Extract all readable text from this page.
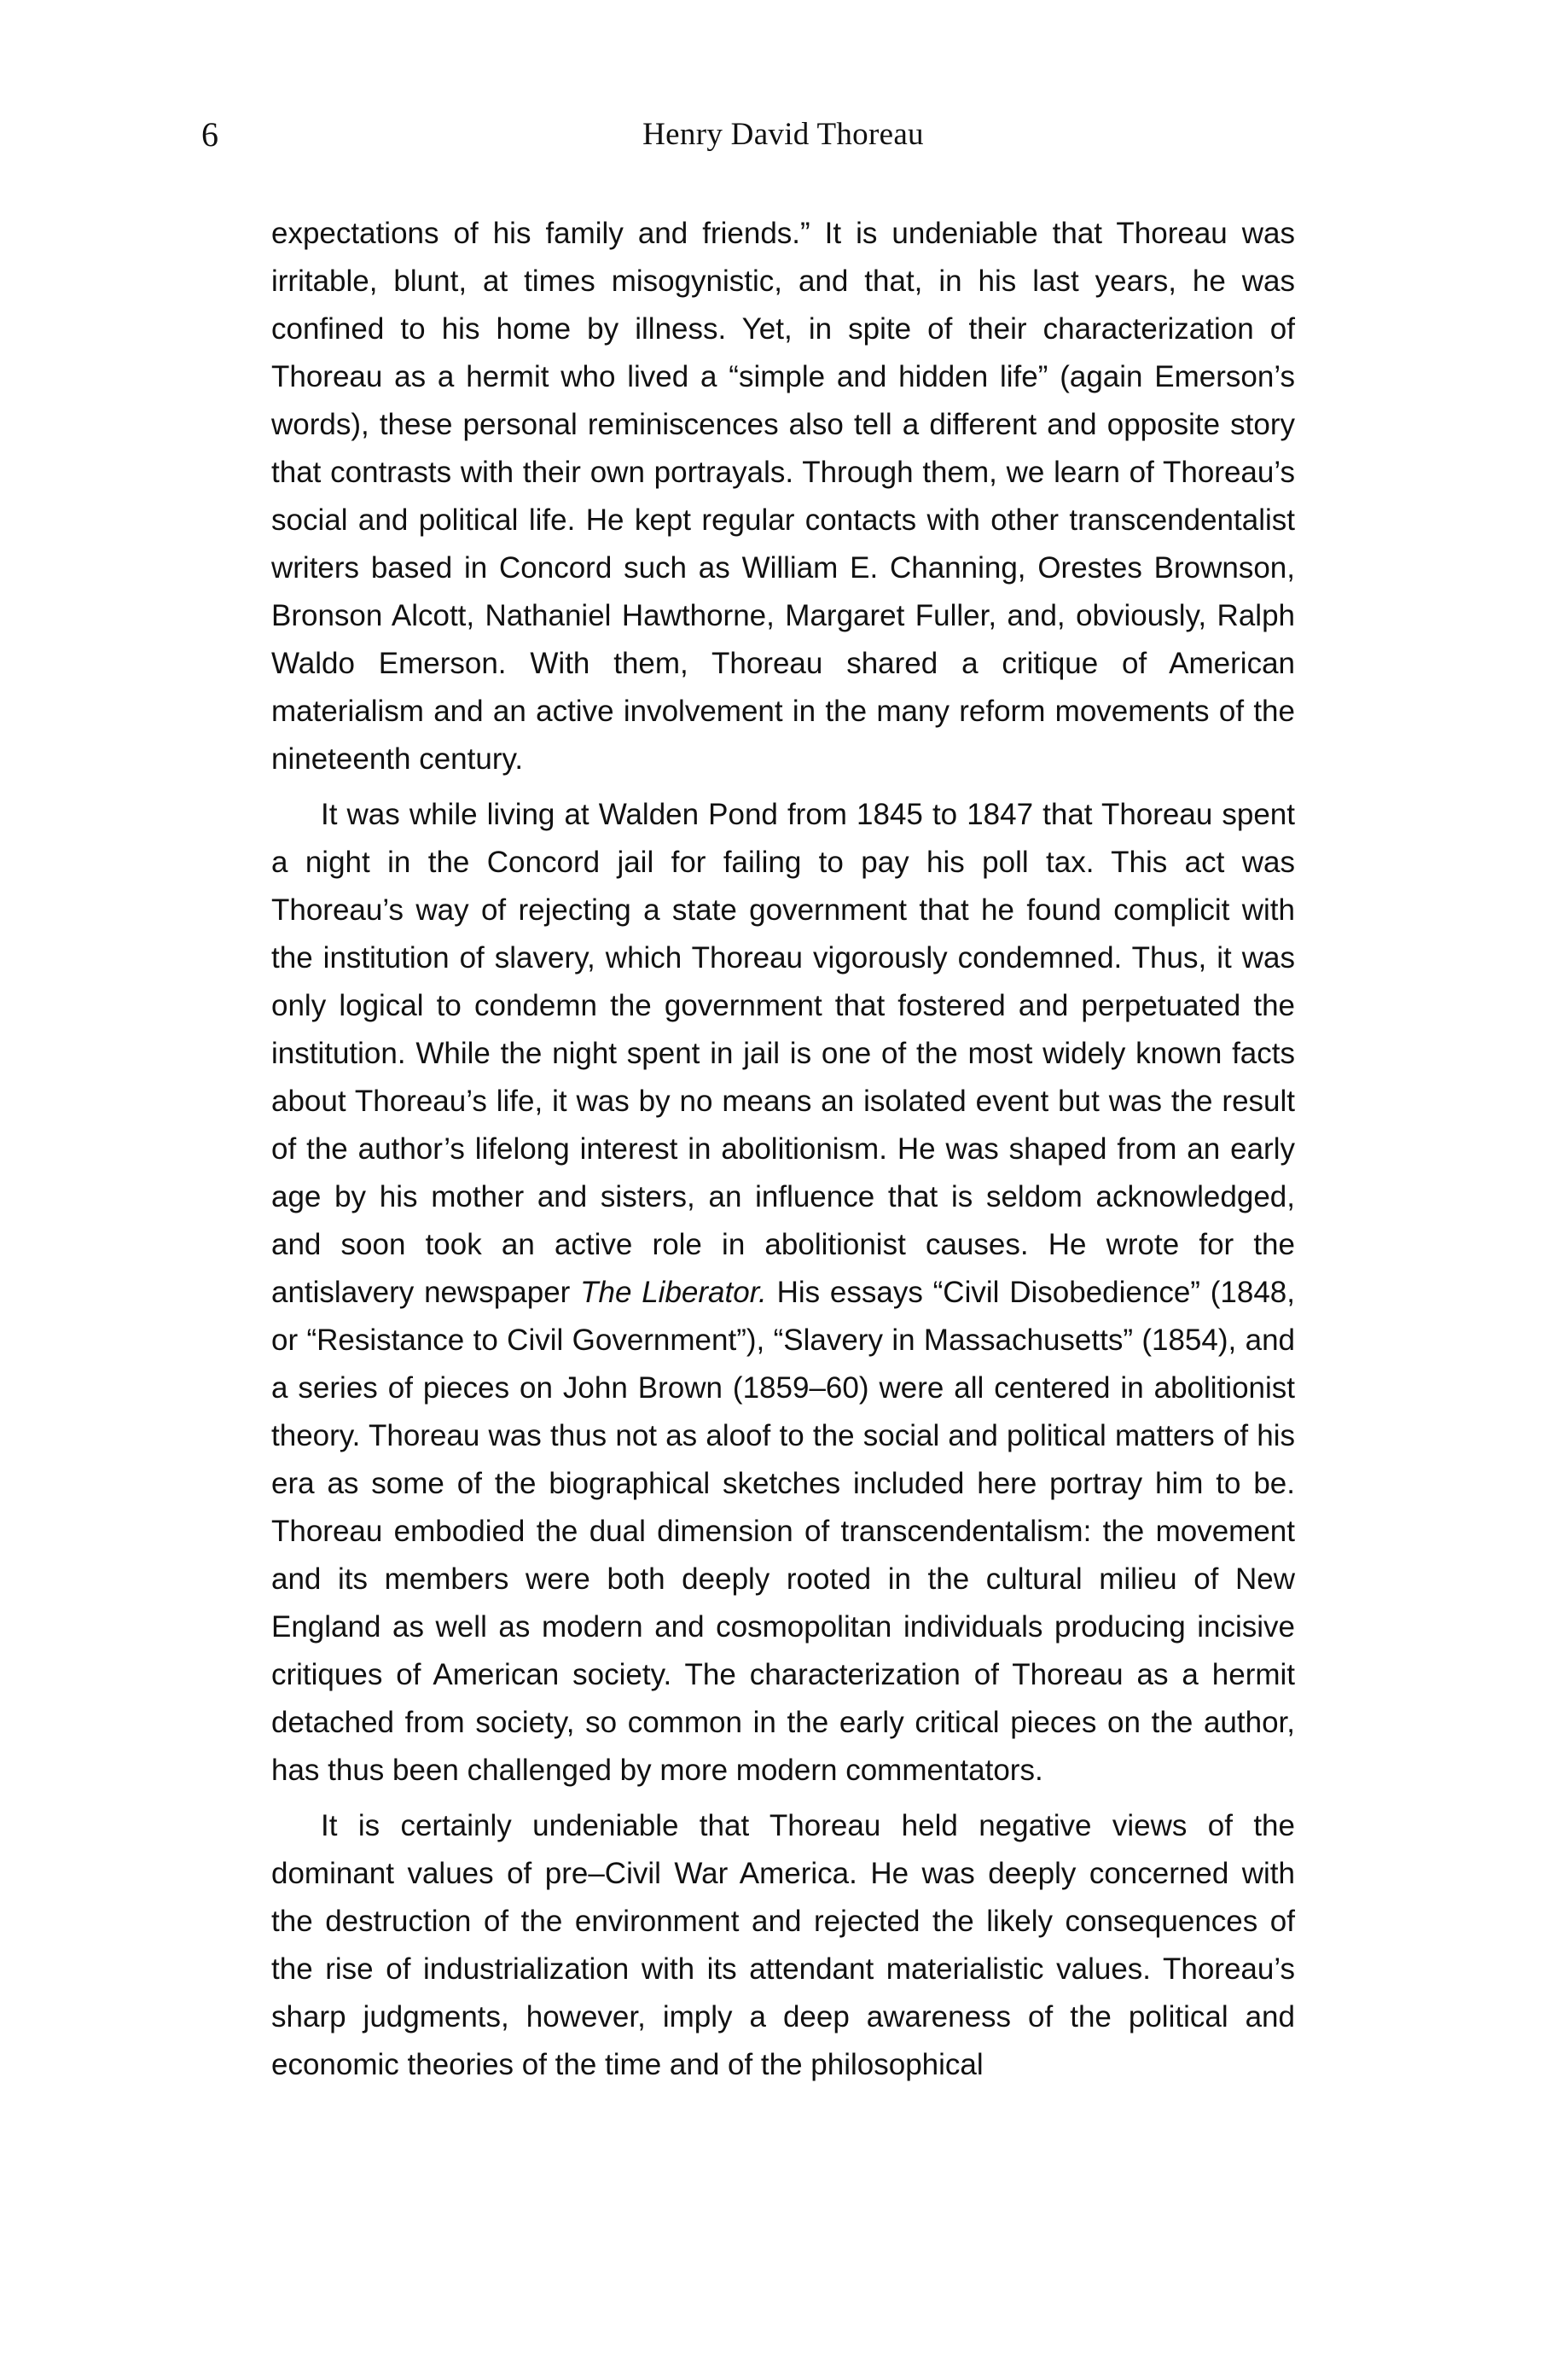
6	Henry David Thoreau

expectations of his family and friends.” It is undeniable that Thoreau was irritable, blunt, at times misogynistic, and that, in his last years, he was confined to his home by illness. Yet, in spite of their characterization of Thoreau as a hermit who lived a “simple and hidden life” (again Emerson’s words), these personal reminiscences also tell a different and opposite story that contrasts with their own portrayals. Through them, we learn of Thoreau’s social and political life. He kept regular contacts with other transcendentalist writers based in Concord such as William E. Channing, Orestes Brownson, Bronson Alcott, Nathaniel Hawthorne, Margaret Fuller, and, obviously, Ralph Waldo Emerson. With them, Thoreau shared a critique of American materialism and an active involvement in the many reform movements of the nineteenth century.

It was while living at Walden Pond from 1845 to 1847 that Thoreau spent a night in the Concord jail for failing to pay his poll tax. This act was Thoreau’s way of rejecting a state government that he found complicit with the institution of slavery, which Thoreau vigorously condemned. Thus, it was only logical to condemn the government that fostered and perpetuated the institution. While the night spent in jail is one of the most widely known facts about Thoreau’s life, it was by no means an isolated event but was the result of the author’s lifelong interest in abolitionism. He was shaped from an early age by his mother and sisters, an influence that is seldom acknowledged, and soon took an active role in abolitionist causes. He wrote for the antislavery newspaper The Liberator. His essays “Civil Disobedience” (1848, or “Resistance to Civil Government”), “Slavery in Massachusetts” (1854), and a series of pieces on John Brown (1859–60) were all centered in abolitionist theory. Thoreau was thus not as aloof to the social and political matters of his era as some of the biographical sketches included here portray him to be. Thoreau embodied the dual dimension of transcendentalism: the movement and its members were both deeply rooted in the cultural milieu of New England as well as modern and cosmopolitan individuals producing incisive critiques of American society. The characterization of Thoreau as a hermit detached from society, so common in the early critical pieces on the author, has thus been challenged by more modern commentators.

It is certainly undeniable that Thoreau held negative views of the dominant values of pre–Civil War America. He was deeply concerned with the destruction of the environment and rejected the likely consequences of the rise of industrialization with its attendant materialistic values. Thoreau’s sharp judgments, however, imply a deep awareness of the political and economic theories of the time and of the philosophical
